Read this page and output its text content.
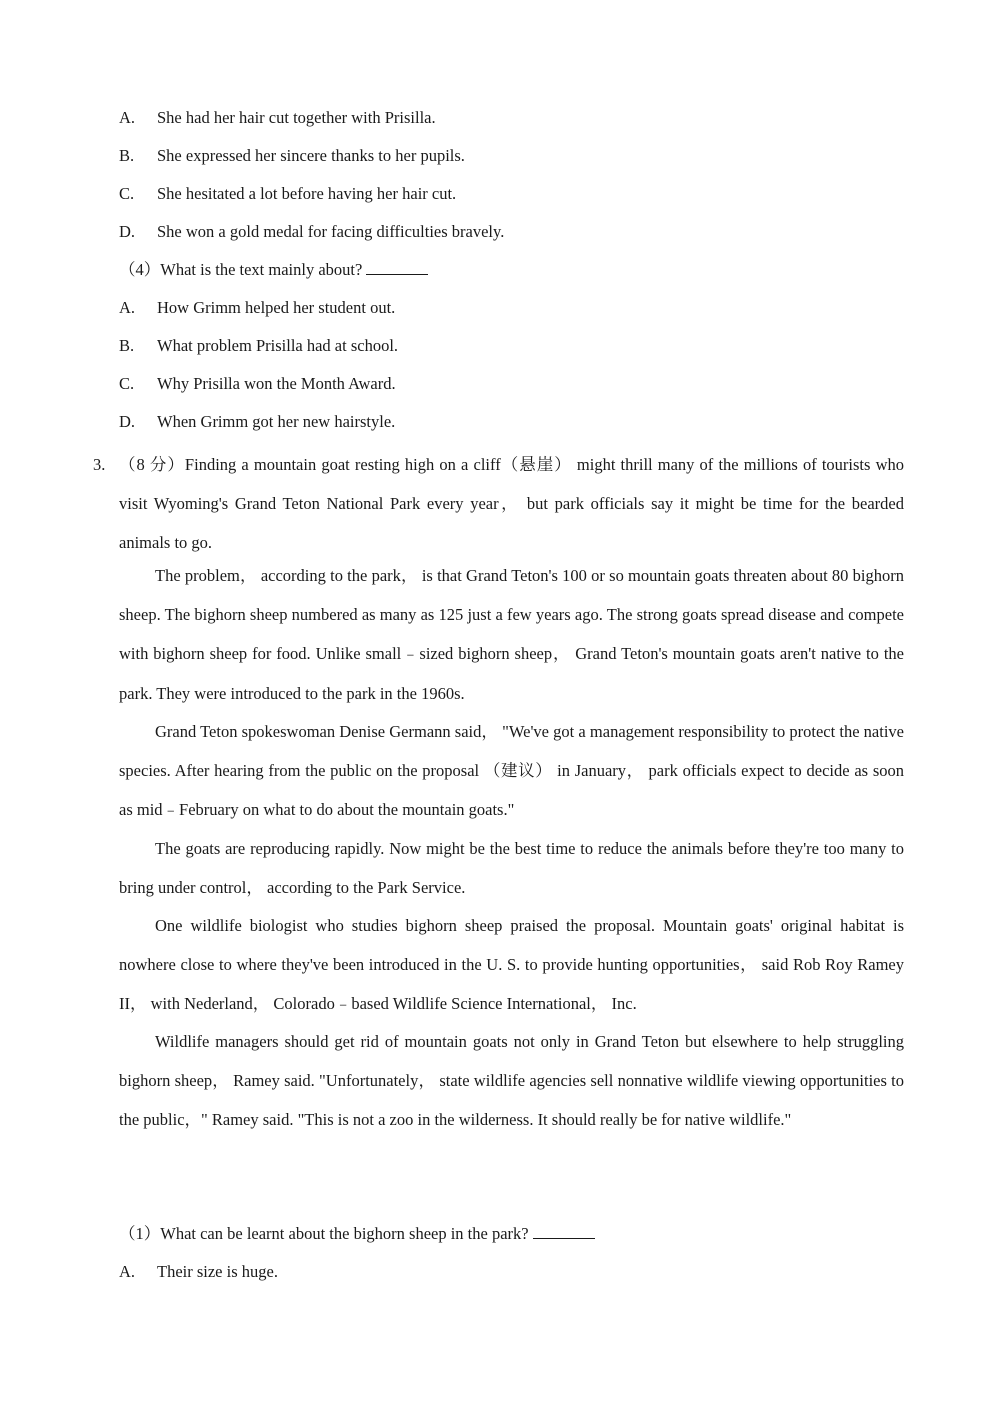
A. She had her hair cut together with Prisilla.
B. She expressed her sincere thanks to her pupils.
C. She hesitated a lot before having her hair cut.
D. She won a gold medal for facing difficulties bravely.
（4）What is the text mainly about?
A. How Grimm helped her student out.
B. What problem Prisilla had at school.
C. Why Prisilla won the Month Award.
D. When Grimm got her new hairstyle.
3. （8 分）Finding a mountain goat resting high on a cliff（悬崖） might thrill many of the millions of tourists who visit Wyoming's Grand Teton National Park every year， but park officials say it might be time for the bearded animals to go.

The problem， according to the park， is that Grand Teton's 100 or so mountain goats threaten about 80 bighorn sheep. The bighorn sheep numbered as many as 125 just a few years ago. The strong goats spread disease and compete with bighorn sheep for food. Unlike small﹣sized bighorn sheep， Grand Teton's mountain goats aren't native to the park. They were introduced to the park in the 1960s.

Grand Teton spokeswoman Denise Germann said， "We've got a management responsibility to protect the native species. After hearing from the public on the proposal （建议） in January， park officials expect to decide as soon as mid﹣February on what to do about the mountain goats."

The goats are reproducing rapidly. Now might be the best time to reduce the animals before they're too many to bring under control， according to the Park Service.

One wildlife biologist who studies bighorn sheep praised the proposal. Mountain goats' original habitat is nowhere close to where they've been introduced in the U. S. to provide hunting opportunities， said Rob Roy Ramey II， with Nederland， Colorado﹣based Wildlife Science International， Inc.

Wildlife managers should get rid of mountain goats not only in Grand Teton but elsewhere to help struggling bighorn sheep， Ramey said. "Unfortunately， state wildlife agencies sell nonnative wildlife viewing opportunities to the public，" Ramey said. "This is not a zoo in the wilderness. It should really be for native wildlife."

（1）What can be learnt about the bighorn sheep in the park?
A. Their size is huge.
